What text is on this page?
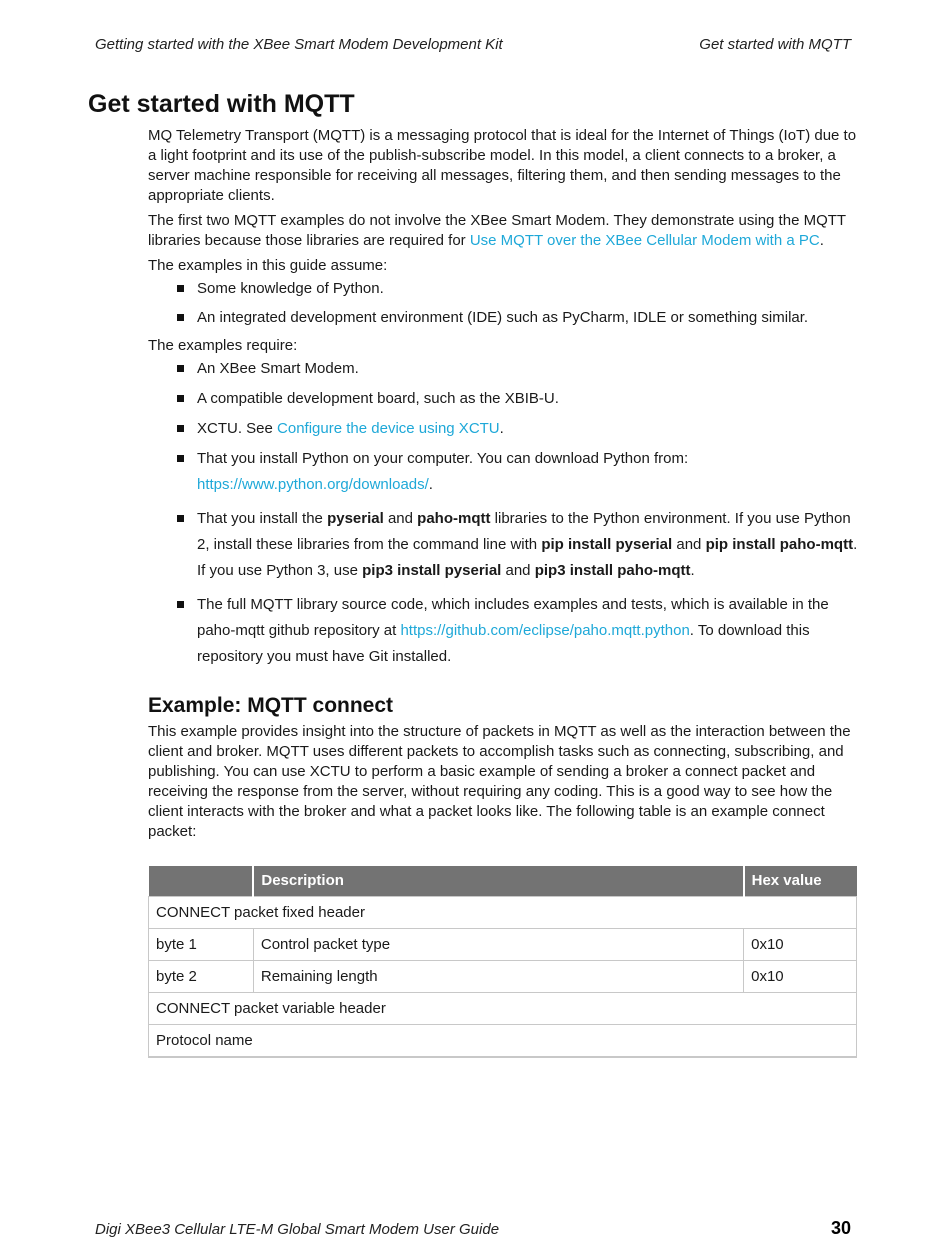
Getting started with the XBee Smart Modem Development Kit	Get started with MQTT
Get started with MQTT

MQ Telemetry Transport (MQTT) is a messaging protocol that is ideal for the Internet of Things (IoT) due to a light footprint and its use of the publish-subscribe model. In this model, a client connects to a broker, a server machine responsible for receiving all messages, filtering them, and then sending messages to the appropriate clients.

The first two MQTT examples do not involve the XBee Smart Modem. They demonstrate using the MQTT libraries because those libraries are required for Use MQTT over the XBee Cellular Modem with a PC.

The examples in this guide assume:

Some knowledge of Python.
An integrated development environment (IDE) such as PyCharm, IDLE or something similar.

The examples require:

An XBee Smart Modem.
A compatible development board, such as the XBIB-U.
XCTU. See Configure the device using XCTU.
That you install Python on your computer. You can download Python from: https://www.python.org/downloads/.
That you install the pyserial and paho-mqtt libraries to the Python environment. If you use Python 2, install these libraries from the command line with pip install pyserial and pip install paho-mqtt. If you use Python 3, use pip3 install pyserial and pip3 install paho-mqtt.
The full MQTT library source code, which includes examples and tests, which is available in the paho-mqtt github repository at https://github.com/eclipse/paho.mqtt.python. To download this repository you must have Git installed.
Example: MQTT connect

This example provides insight into the structure of packets in MQTT as well as the interaction between the client and broker. MQTT uses different packets to accomplish tasks such as connecting, subscribing, and publishing. You can use XCTU to perform a basic example of sending a broker a connect packet and receiving the response from the server, without requiring any coding. This is a good way to see how the client interacts with the broker and what a packet looks like. The following table is an example connect packet:

	Description	Hex value
CONNECT packet fixed header		
byte 1	Control packet type	0x10
byte 2	Remaining length	0x10
CONNECT packet variable header		
Protocol name		
Digi XBee3 Cellular LTE-M Global Smart Modem User Guide	30
